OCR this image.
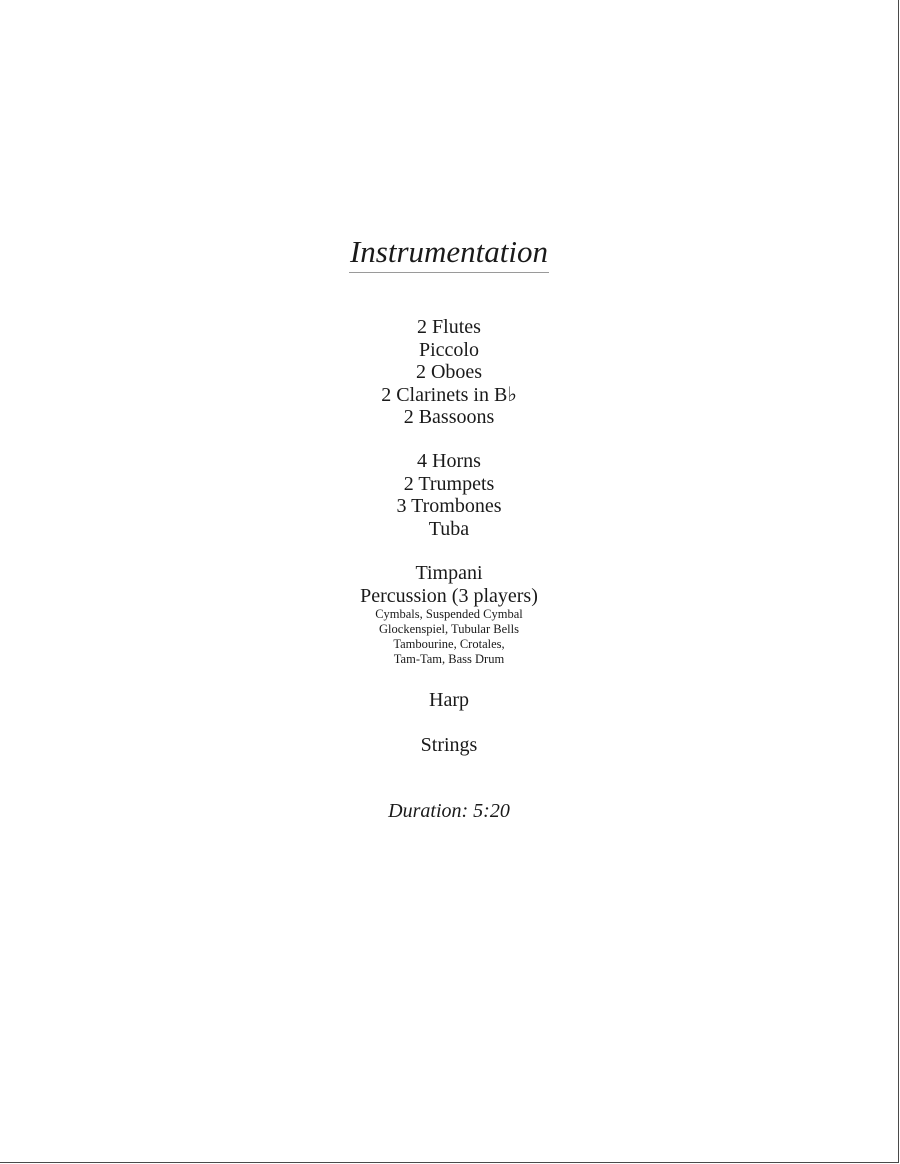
Instrumentation
2 Flutes
Piccolo
2 Oboes
2 Clarinets in B♭
2 Bassoons
4 Horns
2 Trumpets
3 Trombones
Tuba
Timpani
Percussion (3 players)
Cymbals, Suspended Cymbal
Glockenspiel, Tubular Bells
Tambourine, Crotales,
Tam-Tam, Bass Drum
Harp
Strings
Duration: 5:20
